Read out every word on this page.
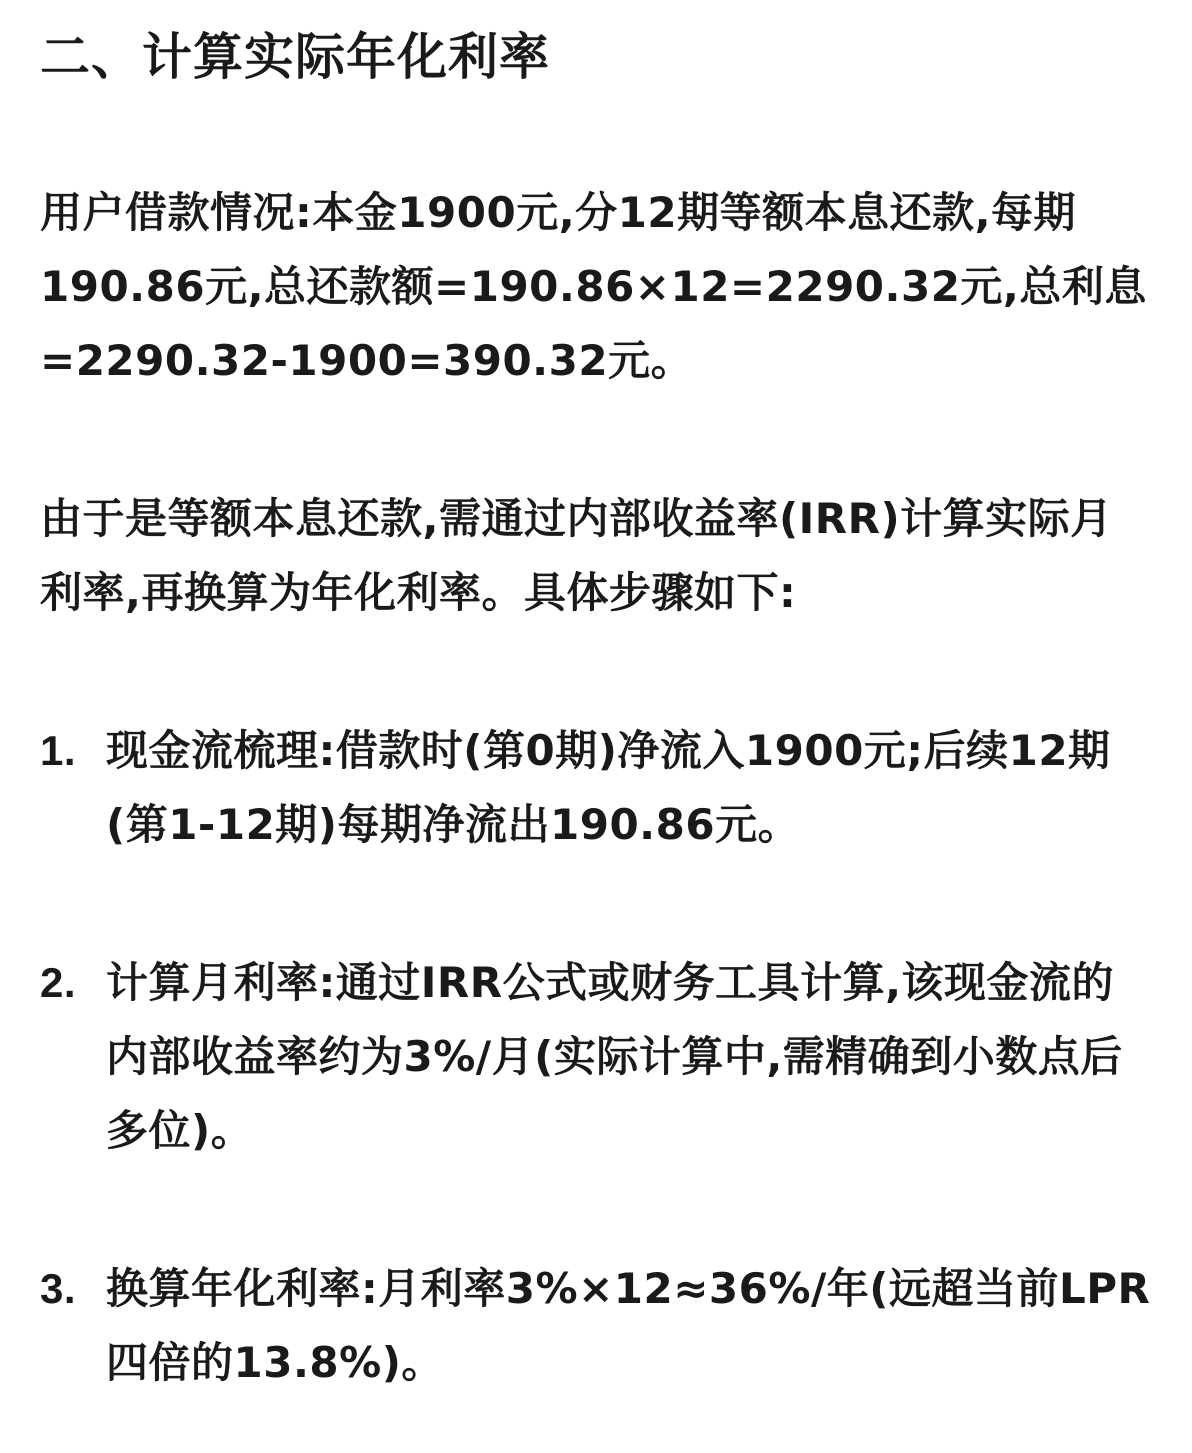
二、计算实际年化利率

用户借款情况:本金1900元,分12期等额本息还款,每期190.86元,总还款额=190.86×12=2290.32元,总利息=2290.32-1900=390.32元。

由于是等额本息还款,需通过内部收益率(IRR)计算实际月利率,再换算为年化利率。具体步骤如下:

1. 现金流梳理:借款时(第0期)净流入1900元;后续12期(第1-12期)每期净流出190.86元。
2. 计算月利率:通过IRR公式或财务工具计算,该现金流的内部收益率约为3%/月(实际计算中,需精确到小数点后多位)。
3. 换算年化利率:月利率3%×12≈36%/年(远超当前LPR四倍的13.8%)。
